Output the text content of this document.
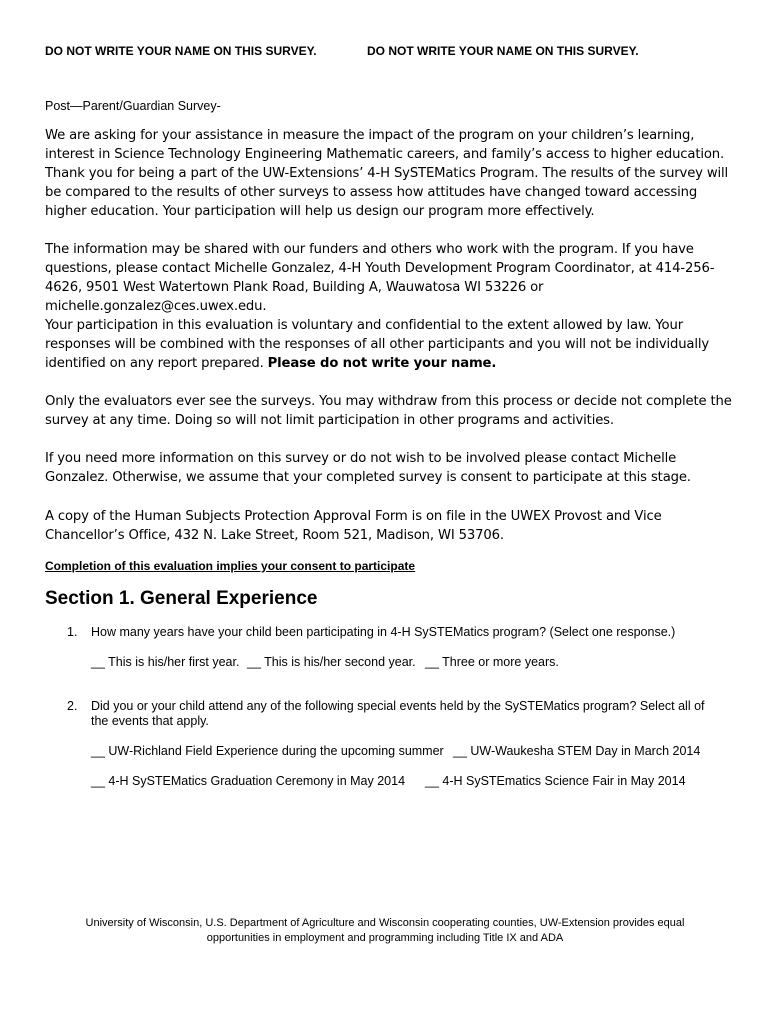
DO NOT WRITE YOUR NAME ON THIS SURVEY.	DO NOT WRITE YOUR NAME ON THIS SURVEY.
Post—Parent/Guardian Survey-

We are asking for your assistance in measure the impact of the program on your children’s learning, interest in Science Technology Engineering Mathematic careers, and family’s access to higher education. Thank you for being a part of the UW-Extensions’ 4-H SySTEMatics Program. The results of the survey will be compared to the results of other surveys to assess how attitudes have changed toward accessing higher education. Your participation will help us design our program more effectively.

The information may be shared with our funders and others who work with the program. If you have questions, please contact Michelle Gonzalez, 4-H Youth Development Program Coordinator, at 414-256-4626, 9501 West Watertown Plank Road, Building A, Wauwatosa WI 53226 or michelle.gonzalez@ces.uwex.edu.

Your participation in this evaluation is voluntary and confidential to the extent allowed by law. Your responses will be combined with the responses of all other participants and you will not be individually identified on any report prepared. Please do not write your name.

Only the evaluators ever see the surveys. You may withdraw from this process or decide not complete the survey at any time. Doing so will not limit participation in other programs and activities.

If you need more information on this survey or do not wish to be involved please contact Michelle Gonzalez. Otherwise, we assume that your completed survey is consent to participate at this stage.

A copy of the Human Subjects Protection Approval Form is on file in the UWEX Provost and Vice Chancellor’s Office, 432 N. Lake Street, Room 521, Madison, WI 53706.

Completion of this evaluation implies your consent to participate
Section 1. General Experience
1. How many years have your child been participating in 4-H SySTEMatics program? (Select one response.)
__ This is his/her first year. __ This is his/her second year. __ Three or more years.
2. Did you or your child attend any of the following special events held by the SySTEMatics program? Select all of the events that apply.
__ UW-Richland Field Experience during the upcoming summer __ UW-Waukesha STEM Day in March 2014
__ 4-H SySTEMatics Graduation Ceremony in May 2014 __ 4-H SySTEmatics Science Fair in May 2014
University of Wisconsin, U.S. Department of Agriculture and Wisconsin cooperating counties, UW-Extension provides equal
opportunities in employment and programming including Title IX and ADA
